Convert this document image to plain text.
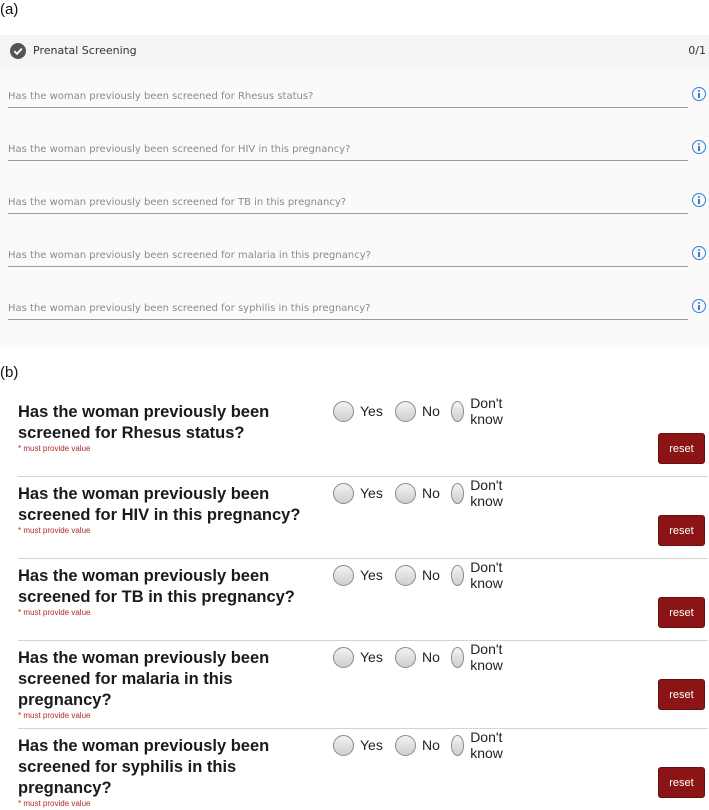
(a)
Prenatal Screening	0/1
Has the woman previously been screened for Rhesus status?
Has the woman previously been screened for HIV in this pregnancy?
Has the woman previously been screened for TB in this pregnancy?
Has the woman previously been screened for malaria in this pregnancy?
Has the woman previously been screened for syphilis in this pregnancy?
(b)
Has the woman previously been screened for Rhesus status?
* must provide value
Yes	No Don't know
reset
Has the woman previously been screened for HIV in this pregnancy?
* must provide value
Yes	No Don't know
reset
Has the woman previously been screened for TB in this pregnancy?
* must provide value
Yes	No Don't know
reset
Has the woman previously been screened for malaria in this pregnancy?
* must provide value
Yes	No Don't know
reset
Has the woman previously been screened for syphilis in this pregnancy?
* must provide value
Yes	No Don't know
reset
